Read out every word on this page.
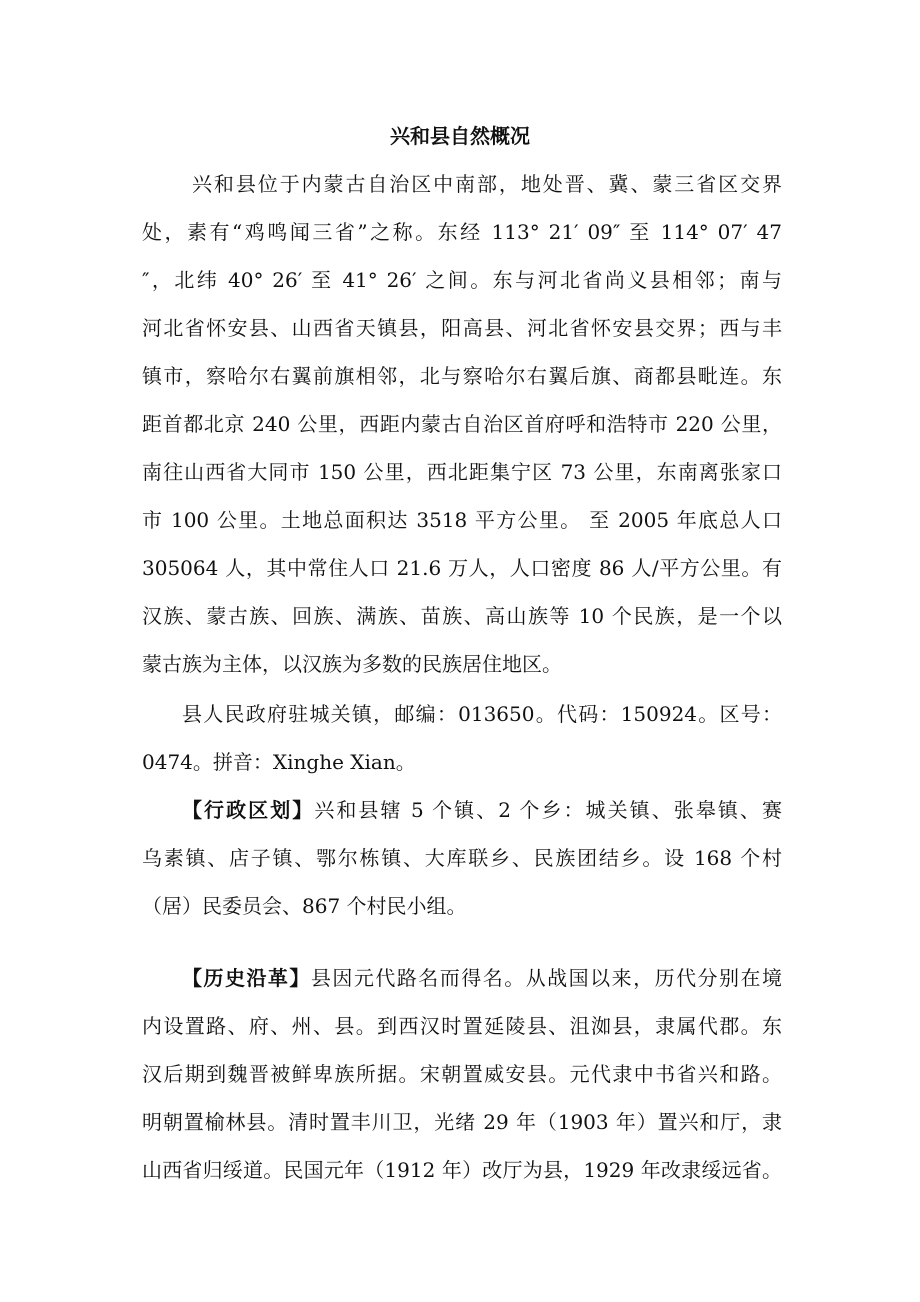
兴和县自然概况
兴和县位于内蒙古自治区中南部，地处晋、冀、蒙三省区交界
处，素有“鸡鸣闻三省”之称。东经 113° 21′ 09″ 至 114° 07′ 47
″，北纬 40° 26′ 至 41° 26′ 之间。东与河北省尚义县相邻；南与
河北省怀安县、山西省天镇县，阳高县、河北省怀安县交界；西与丰
镇市，察哈尔右翼前旗相邻，北与察哈尔右翼后旗、商都县毗连。东
距首都北京 240 公里，西距内蒙古自治区首府呼和浩特市 220 公里，
南往山西省大同市 150 公里，西北距集宁区 73 公里，东南离张家口
市 100 公里。土地总面积达 3518 平方公里。 至 2005 年底总人口
305064 人，其中常住人口 21.6 万人，人口密度 86 人/平方公里。有
汉族、蒙古族、回族、满族、苗族、高山族等 10 个民族，是一个以
蒙古族为主体，以汉族为多数的民族居住地区。
县人民政府驻城关镇，邮编：013650。代码：150924。区号：
0474。拼音：Xinghe Xian。
【行政区划】兴和县辖 5 个镇、2 个乡：城关镇、张皋镇、赛
乌素镇、店子镇、鄂尔栋镇、大库联乡、民族团结乡。设 168 个村
（居）民委员会、867 个村民小组。
【历史沿革】县因元代路名而得名。从战国以来，历代分别在境
内设置路、府、州、县。到西汉时置延陵县、沮洳县，隶属代郡。东
汉后期到魏晋被鲜卑族所据。宋朝置威安县。元代隶中书省兴和路。
明朝置榆林县。清时置丰川卫，光绪 29 年（1903 年）置兴和厅，隶
山西省归绥道。民国元年（1912 年）改厅为县，1929 年改隶绥远省。
